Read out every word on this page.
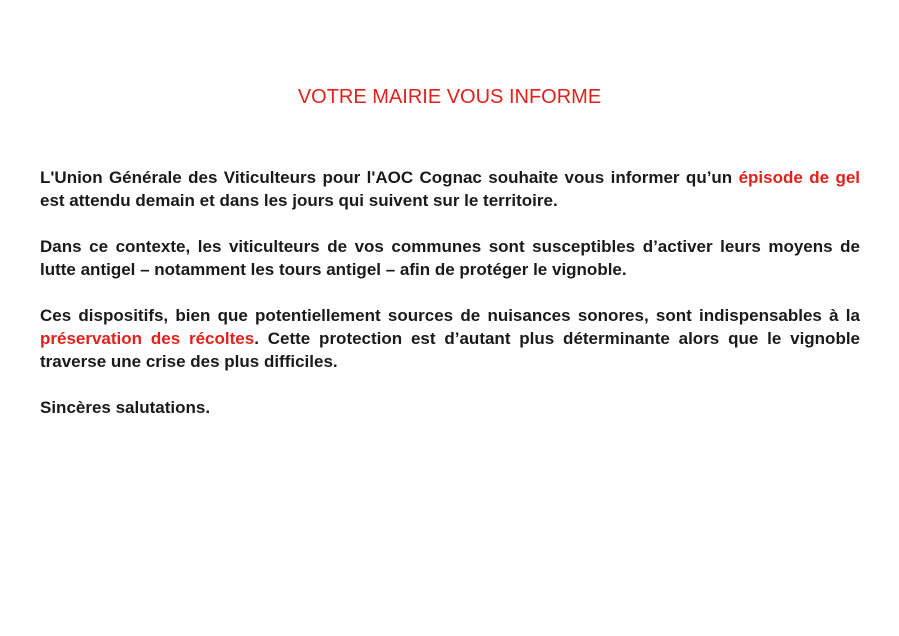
VOTRE MAIRIE VOUS INFORME

L'Union Générale des Viticulteurs pour l'AOC Cognac souhaite vous informer qu’un épisode de gel est attendu demain et dans les jours qui suivent sur le territoire.

Dans ce contexte, les viticulteurs de vos communes sont susceptibles d’activer leurs moyens de lutte antigel – notamment les tours antigel – afin de protéger le vignoble.

Ces dispositifs, bien que potentiellement sources de nuisances sonores, sont indispensables à la préservation des récoltes. Cette protection est d’autant plus déterminante alors que le vignoble traverse une crise des plus difficiles.

Sincères salutations.
